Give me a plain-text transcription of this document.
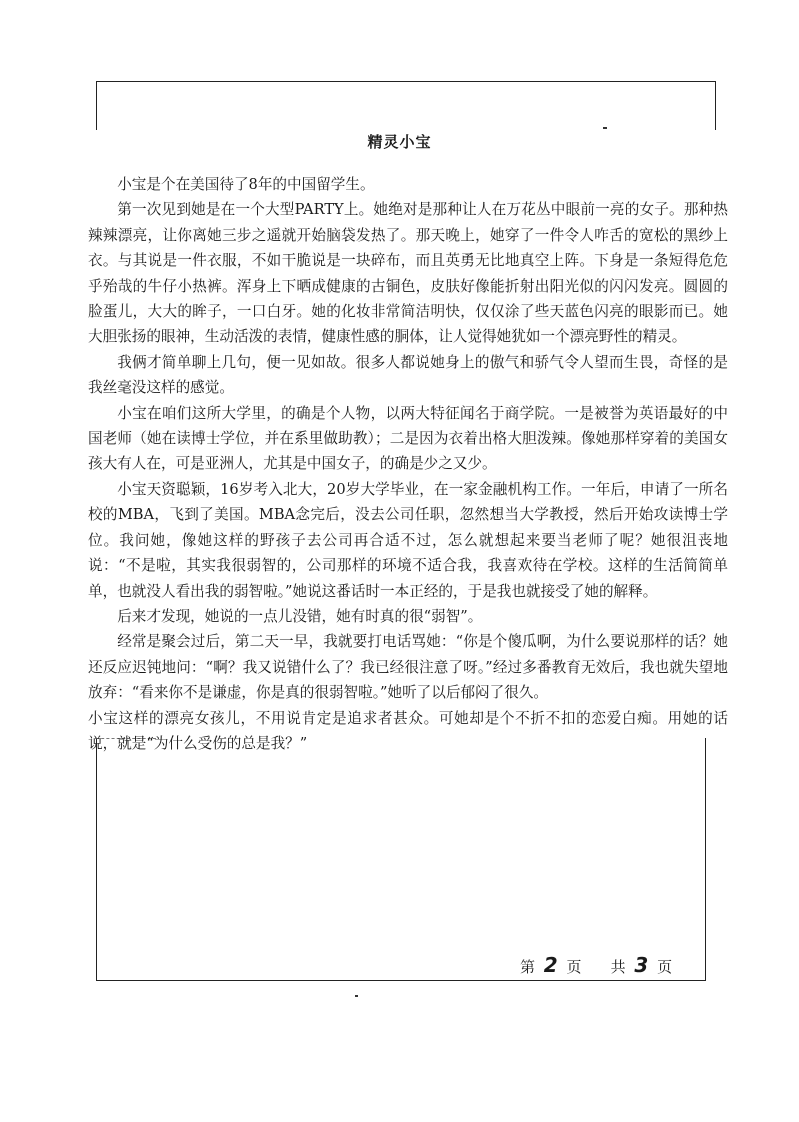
精灵小宝

小宝是个在美国待了8年的中国留学生。

第一次见到她是在一个大型PARTY上。她绝对是那种让人在万花丛中眼前一亮的女子。那种热辣辣漂亮，让你离她三步之遥就开始脑袋发热了。那天晚上，她穿了一件令人咋舌的宽松的黑纱上衣。与其说是一件衣服，不如干脆说是一块碎布，而且英勇无比地真空上阵。下身是一条短得危危乎殆哉的牛仔小热裤。浑身上下晒成健康的古铜色，皮肤好像能折射出阳光似的闪闪发亮。圆圆的脸蛋儿，大大的眸子，一口白牙。她的化妆非常简洁明快，仅仅涂了些天蓝色闪亮的眼影而已。她大胆张扬的眼神，生动活泼的表情，健康性感的胴体，让人觉得她犹如一个漂亮野性的精灵。

我俩才简单聊上几句，便一见如故。很多人都说她身上的傲气和骄气令人望而生畏，奇怪的是我丝毫没这样的感觉。

小宝在咱们这所大学里，的确是个人物，以两大特征闻名于商学院。一是被誉为英语最好的中国老师（她在读博士学位，并在系里做助教）；二是因为衣着出格大胆泼辣。像她那样穿着的美国女孩大有人在，可是亚洲人，尤其是中国女子，的确是少之又少。

小宝天资聪颖，16岁考入北大，20岁大学毕业，在一家金融机构工作。一年后，申请了一所名校的MBA，飞到了美国。MBA念完后，没去公司任职，忽然想当大学教授，然后开始攻读博士学位。我问她，像她这样的野孩子去公司再合适不过，怎么就想起来要当老师了呢？她很沮丧地说：“不是啦，其实我很弱智的，公司那样的环境不适合我，我喜欢待在学校。这样的生活简简单单，也就没人看出我的弱智啦。”她说这番话时一本正经的，于是我也就接受了她的解释。

后来才发现，她说的一点儿没错，她有时真的很“弱智”。

经常是聚会过后，第二天一早，我就要打电话骂她：“你是个傻瓜啊，为什么要说那样的话？她还反应迟钝地问：“啊？我又说错什么了？我已经很注意了呀。”经过多番教育无效后，我也就失望地放弃：“看来你不是谦虚，你是真的很弱智啦。”她听了以后郁闷了很久。

小宝这样的漂亮女孩儿，不用说肯定是追求者甚众。可她却是个不折不扣的恋爱白痴。用她的话说，就是“为什么受伤的总是我？”

第 2 页 共 3 页
